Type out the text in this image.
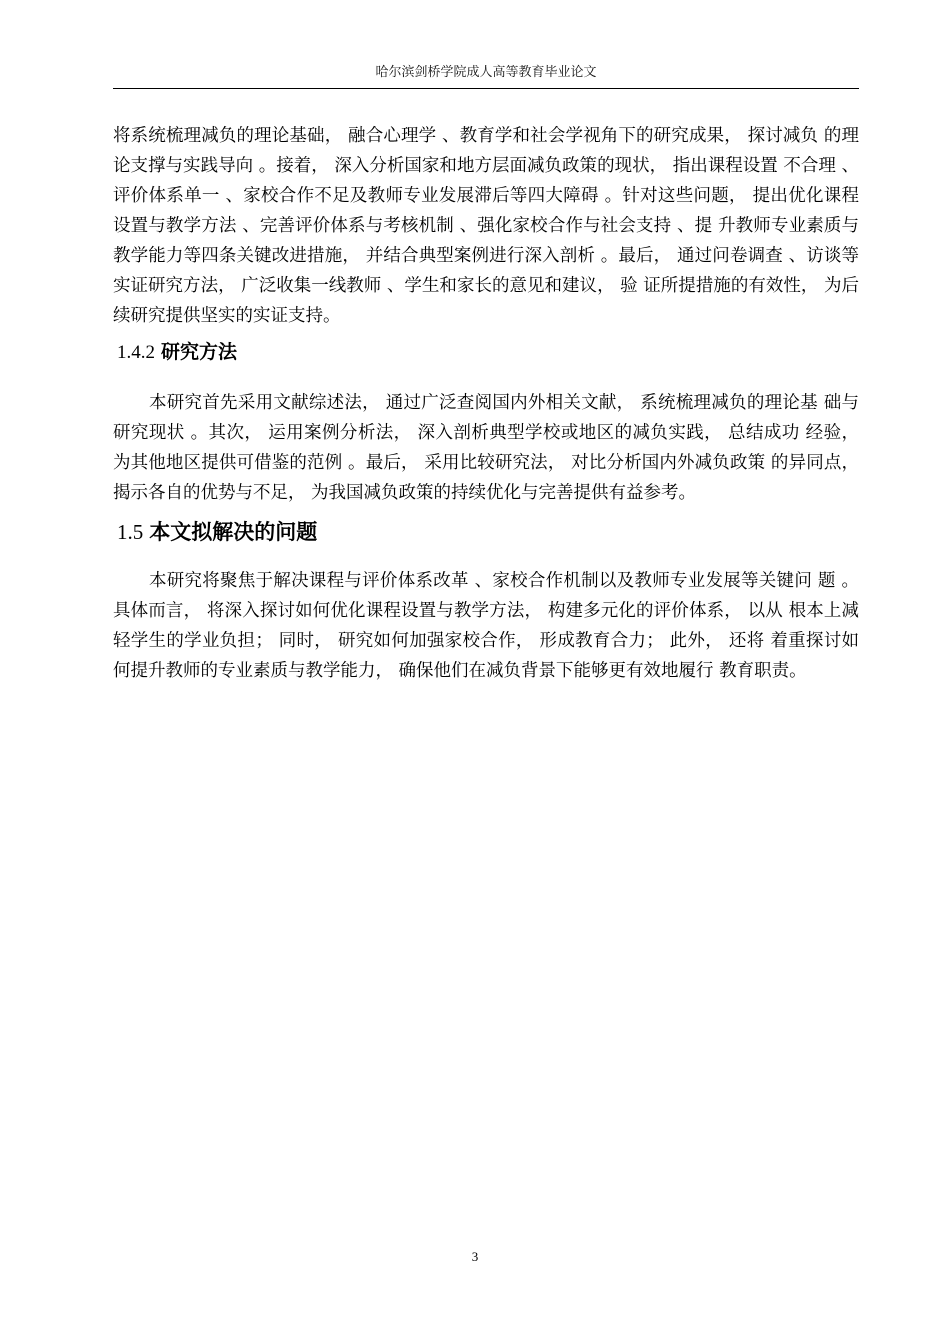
哈尔滨剑桥学院成人高等教育毕业论文

将系统梳理减负的理论基础， 融合心理学 、教育学和社会学视角下的研究成果， 探讨减负 的理论支撑与实践导向 。接着， 深入分析国家和地方层面减负政策的现状， 指出课程设置 不合理 、评价体系单一 、家校合作不足及教师专业发展滞后等四大障碍 。针对这些问题， 提出优化课程设置与教学方法 、完善评价体系与考核机制 、强化家校合作与社会支持 、提 升教师专业素质与教学能力等四条关键改进措施， 并结合典型案例进行深入剖析 。最后， 通过问卷调查 、访谈等实证研究方法， 广泛收集一线教师 、学生和家长的意见和建议， 验 证所提措施的有效性， 为后续研究提供坚实的实证支持。

1.4.2 研究方法

本研究首先采用文献综述法， 通过广泛查阅国内外相关文献， 系统梳理减负的理论基 础与研究现状 。其次， 运用案例分析法， 深入剖析典型学校或地区的减负实践， 总结成功 经验， 为其他地区提供可借鉴的范例 。最后， 采用比较研究法， 对比分析国内外减负政策 的异同点， 揭示各自的优势与不足， 为我国减负政策的持续优化与完善提供有益参考。

1.5 本文拟解决的问题

本研究将聚焦于解决课程与评价体系改革 、家校合作机制以及教师专业发展等关键问 题 。具体而言， 将深入探讨如何优化课程设置与教学方法， 构建多元化的评价体系， 以从 根本上减轻学生的学业负担； 同时， 研究如何加强家校合作， 形成教育合力； 此外， 还将 着重探讨如何提升教师的专业素质与教学能力， 确保他们在减负背景下能够更有效地履行 教育职责。

3
